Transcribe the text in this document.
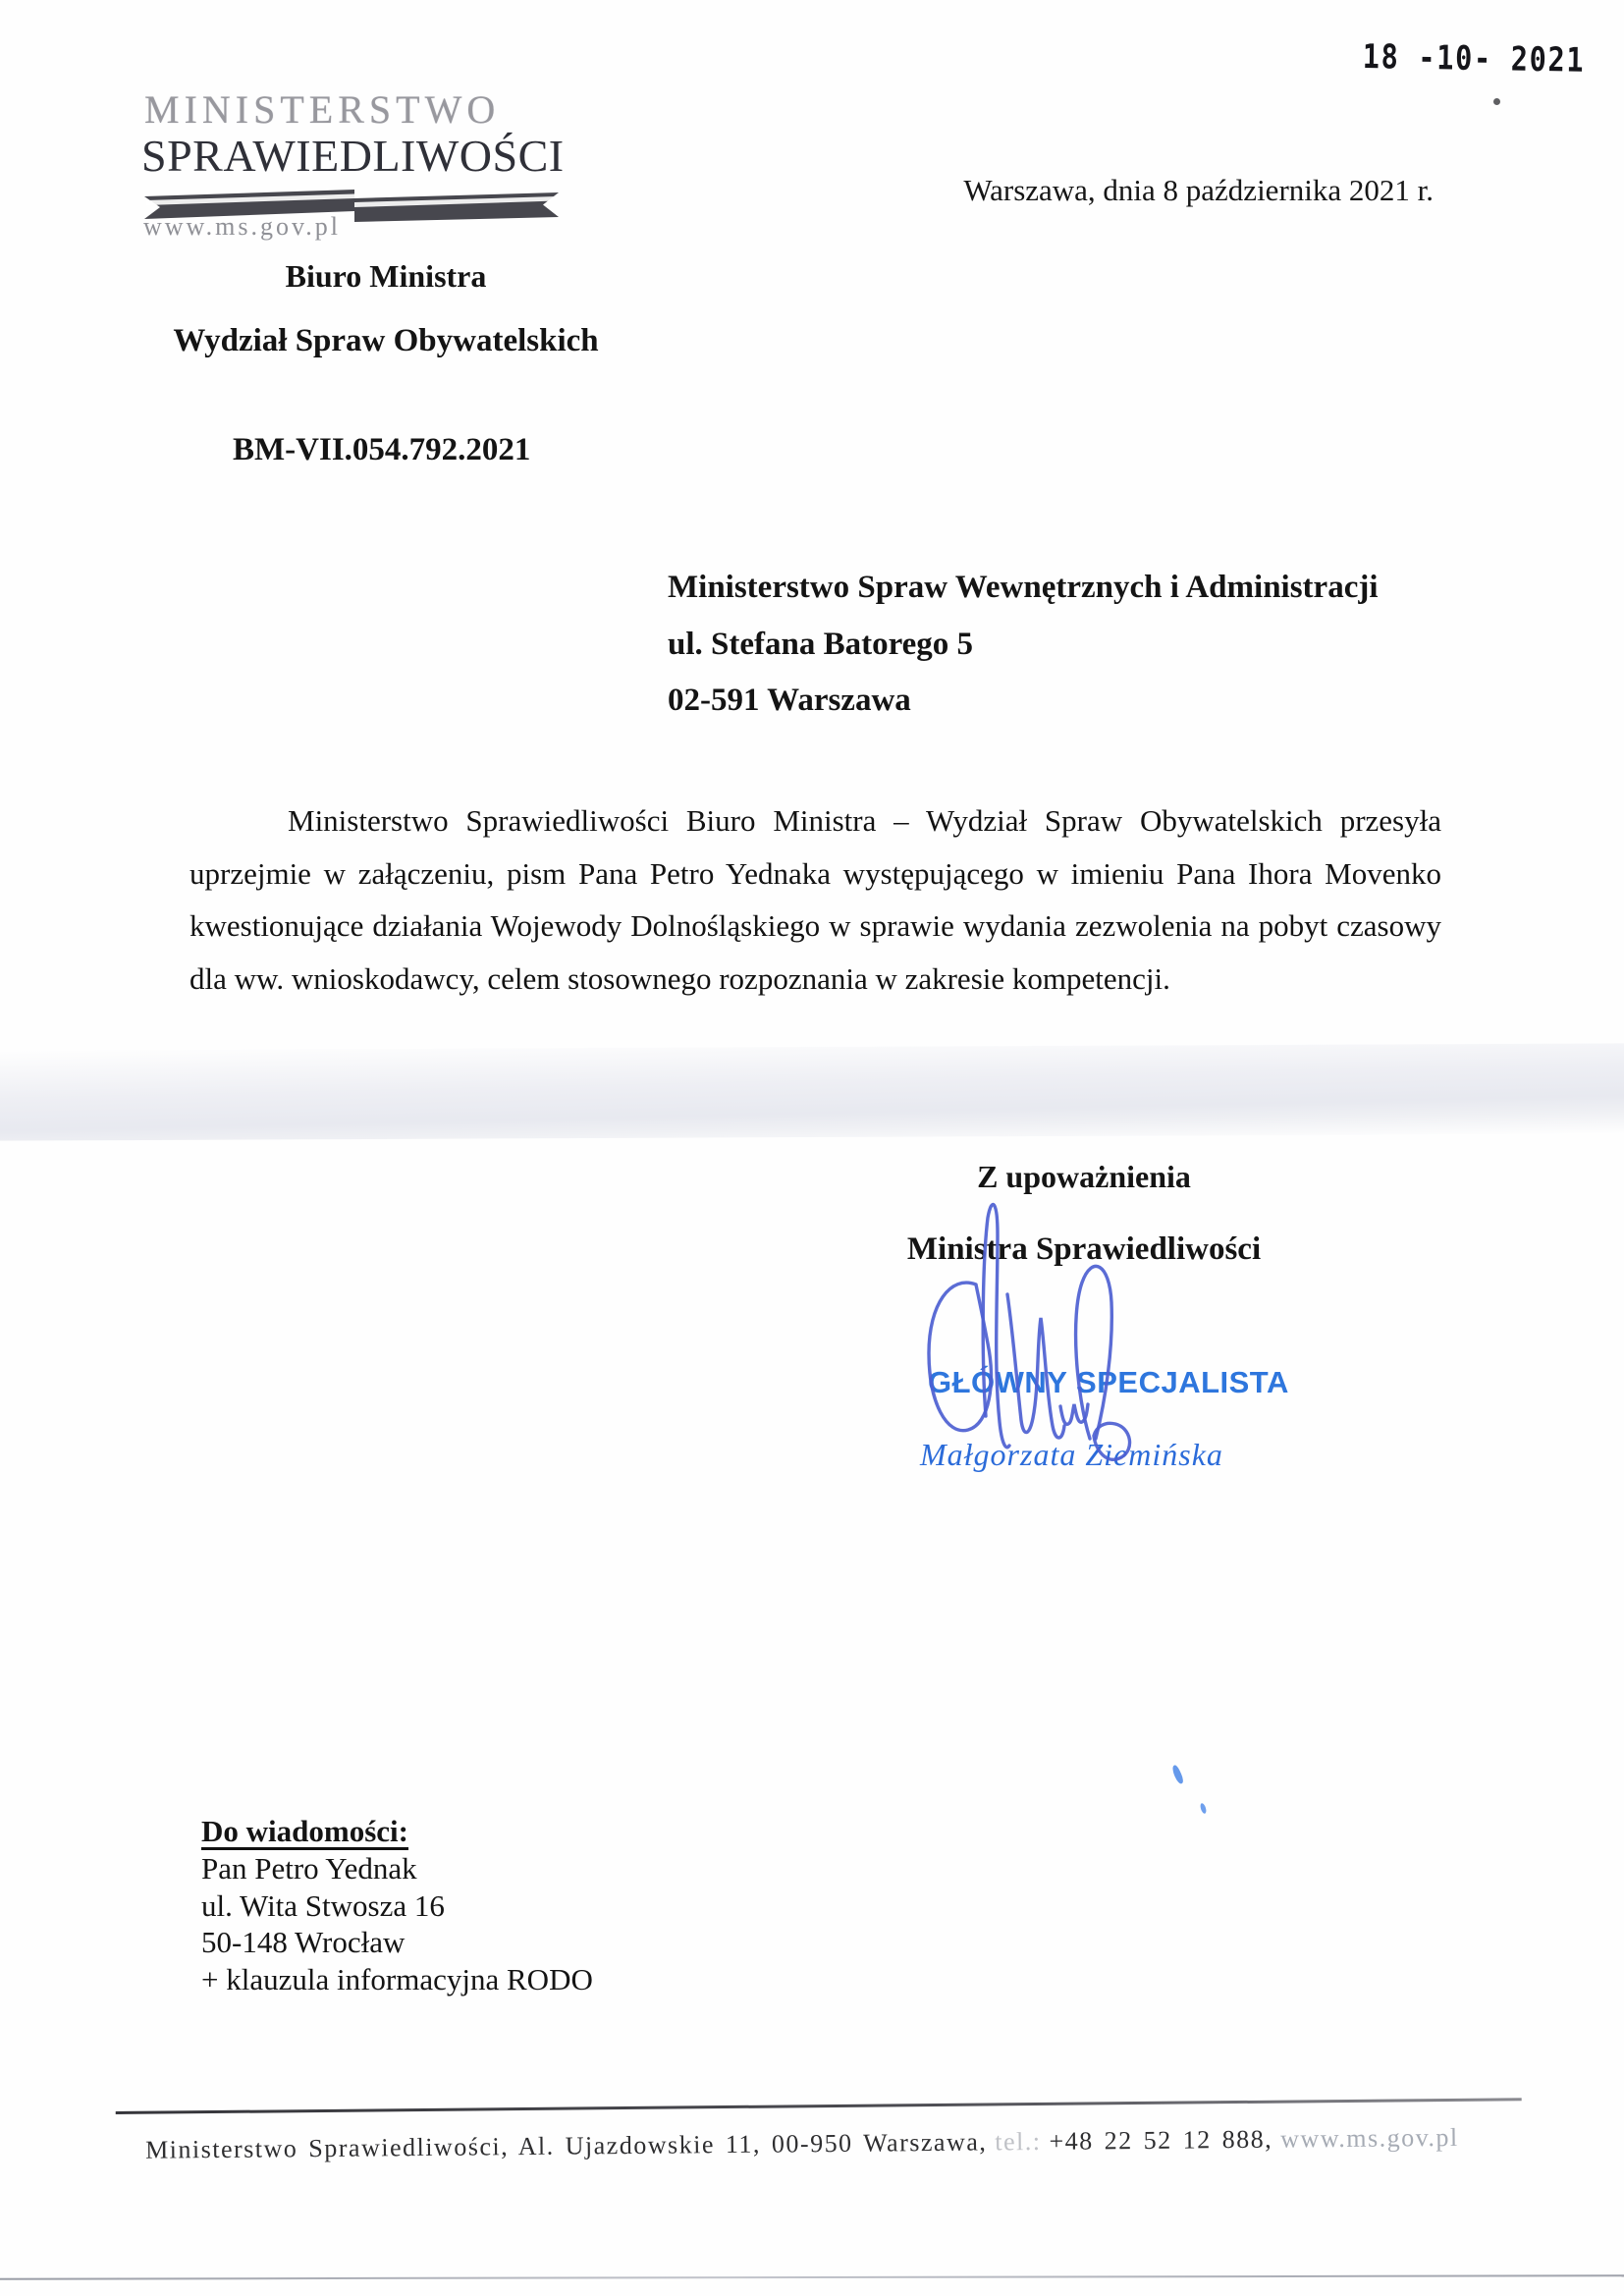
18 -10- 2021
MINISTERSTWO
SPRAWIEDLIWOŚCI
www.ms.gov.pl
Warszawa, dnia 8 października 2021 r.
Biuro Ministra
Wydział Spraw Obywatelskich
BM-VII.054.792.2021
Ministerstwo Spraw Wewnętrznych i Administracji
ul. Stefana Batorego 5
02-591 Warszawa
Ministerstwo Sprawiedliwości Biuro Ministra – Wydział Spraw Obywatelskich przesyła uprzejmie w załączeniu, pism Pana Petro Yednaka występującego w imieniu Pana Ihora Movenko kwestionujące działania Wojewody Dolnośląskiego w sprawie wydania zezwolenia na pobyt czasowy dla ww. wnioskodawcy, celem stosownego rozpoznania w zakresie kompetencji.
Z upoważnienia
Ministra Sprawiedliwości
GŁÓWNY SPECJALISTA
Małgorzata Ziemińska
Do wiadomości:
Pan Petro Yednak
ul. Wita Stwosza 16
50-148 Wrocław
+ klauzula informacyjna RODO
Ministerstwo Sprawiedliwości, Al. Ujazdowskie 11, 00-950 Warszawa, tel.: +48 22 52 12 888, www.ms.gov.pl
